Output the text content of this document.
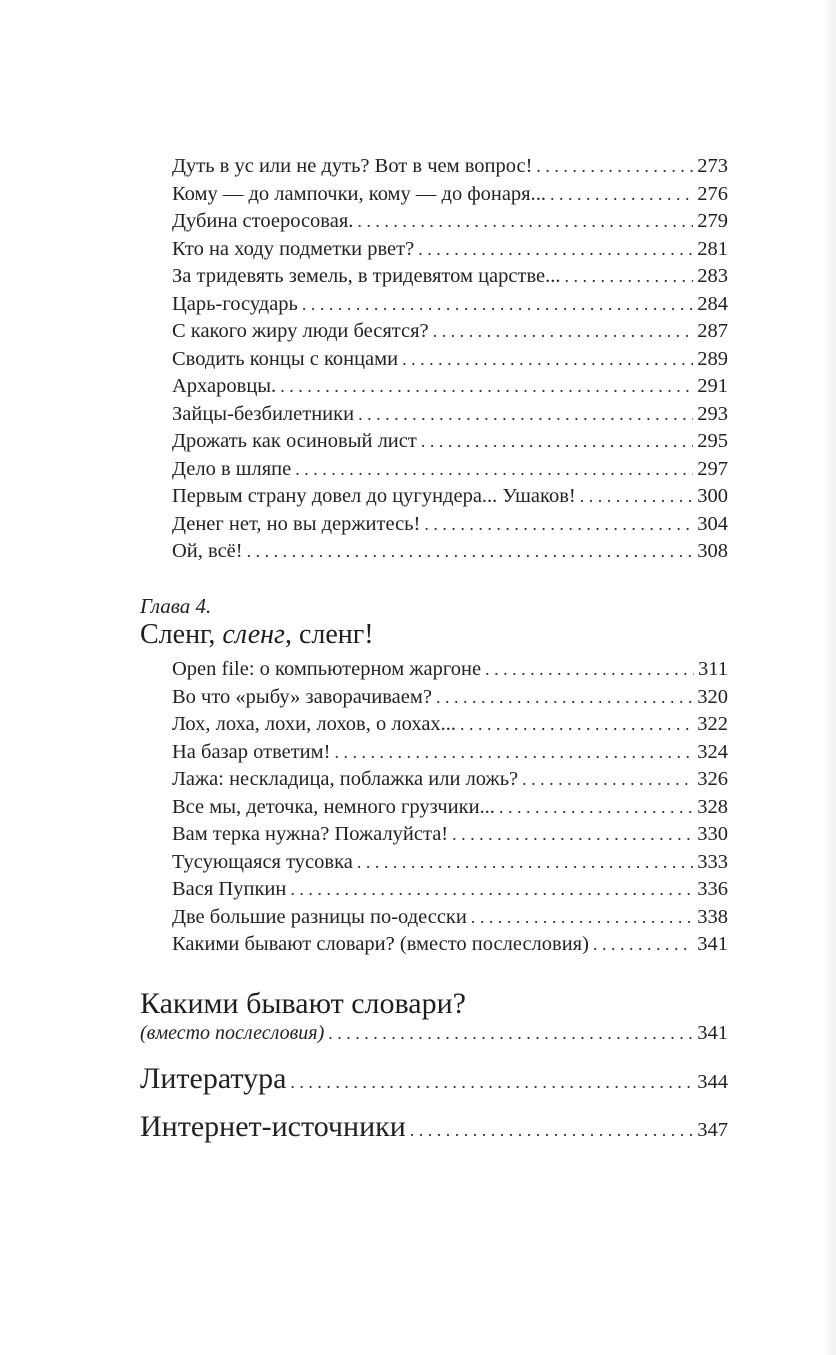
Дуть в ус или не дуть? Вот в чем вопрос! . . .	273
Кому — до лампочки, кому — до фонаря... . . .	276
Дубина стоеросовая. . . .	279
Кто на ходу подметки рвет? . . .	281
За тридевять земель, в тридевятом царстве... . . .	283
Царь-государь . . .	284
С какого жиру люди бесятся? . . .	287
Сводить концы с концами . . .	289
Архаровцы. . . .	291
Зайцы-безбилетники . . .	293
Дрожать как осиновый лист . . .	295
Дело в шляпе . . .	297
Первым страну довел до цугундера... Ушаков! . . .	300
Денег нет, но вы держитесь! . . .	304
Ой, всё! . . .	308
Глава 4.
Сленг, сленг, сленг!
Open file: о компьютерном жаргоне . . .	311
Во что «рыбу» заворачиваем? . . .	320
Лох, лоха, лохи, лохов, о лохах... . . .	322
На базар ответим! . . .	324
Лажа: нескладица, поблажка или ложь? . . .	326
Все мы, деточка, немного грузчики... . . .	328
Вам терка нужна? Пожалуйста! . . .	330
Тусующаяся тусовка . . .	333
Вася Пупкин . . .	336
Две большие разницы по-одесски . . .	338
Какими бывают словари? (вместо послесловия) . . .	341
Какими бывают словари?
(вместо послесловия) . . .	341
Литература . . .	344
Интернет-источники . . .	347
